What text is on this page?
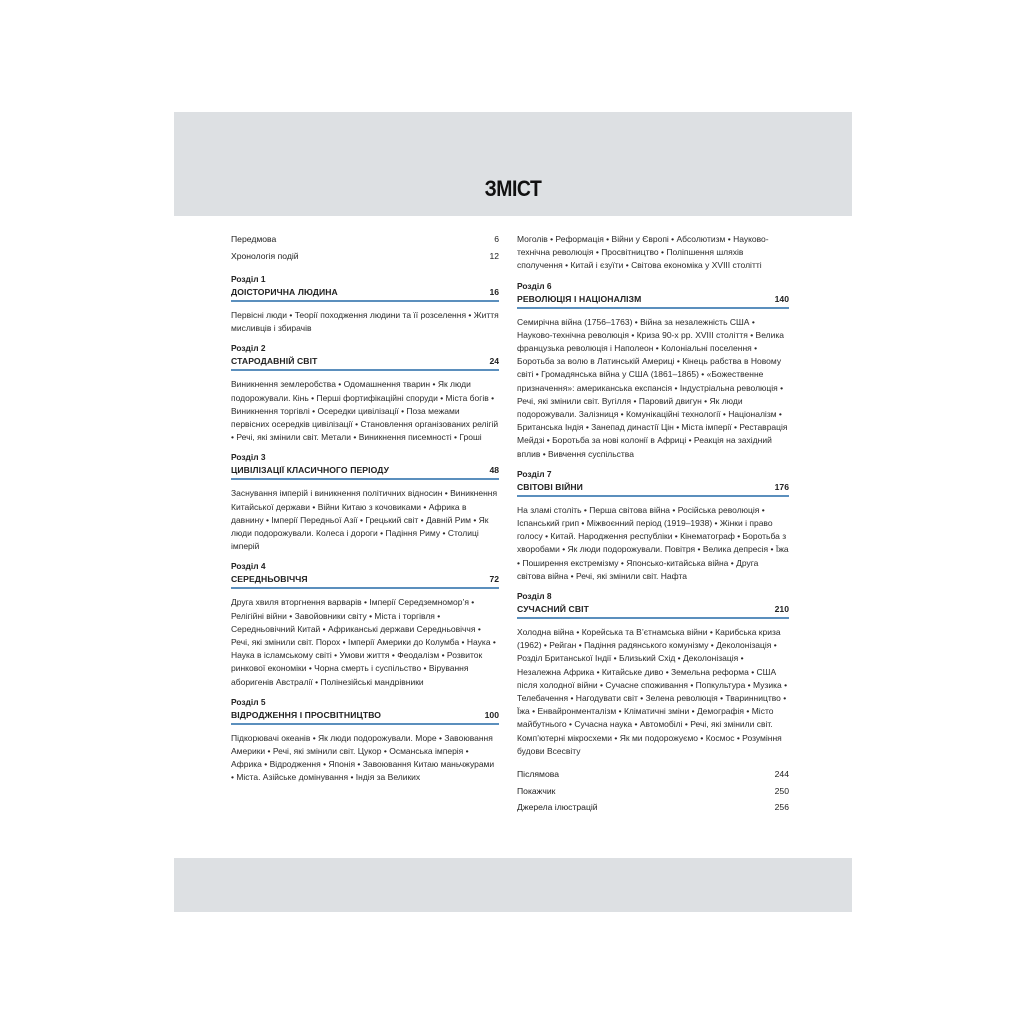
ЗМІСТ
Передмова	6
Хронологія подій	12
Розділ 1
ДОІСТОРИЧНА ЛЮДИНА	16
Первісні люди • Теорії походження людини та її розселення • Життя мисливців і збирачів
Розділ 2
СТАРОДАВНІЙ СВІТ	24
Виникнення землеробства • Одомашнення тварин • Як люди подорожували. Кінь • Перші фортифікаційні споруди • Міста богів • Виникнення торгівлі • Осередки цивілізації • Поза межами первісних осередків цивілізації • Становлення організованих релігій • Речі, які змінили світ. Метали • Виникнення писемності • Гроші
Розділ 3
ЦИВІЛІЗАЦІЇ КЛАСИЧНОГО ПЕРІОДУ	48
Заснування імперій і виникнення політичних відносин • Виникнення Китайської держави • Війни Китаю з кочовиками • Африка в давнину • Імперії Передньої Азії • Грецький світ • Давній Рим • Як люди подорожували. Колеса і дороги • Падіння Риму • Столиці імперій
Розділ 4
СЕРЕДНЬОВІЧЧЯ	72
Друга хвиля вторгнення варварів • Імперії Середземномор’я • Релігійні війни • Завойовники світу • Міста і торгівля • Середньовічний Китай • Африканські держави Середньовіччя • Речі, які змінили світ. Порох • Імперії Америки до Колумба • Наука • Наука в ісламському світі • Умови життя • Феодалізм • Розвиток ринкової економіки • Чорна смерть і суспільство • Вірування аборигенів Австралії • Полінезійські мандрівники
Розділ 5
ВІДРОДЖЕННЯ І ПРОСВІТНИЦТВО	100
Підкорювачі океанів • Як люди подорожували. Море • Завоювання Америки • Речі, які змінили світ. Цукор • Османська імперія • Африка • Відродження • Японія • Завоювання Китаю маньчжурами • Міста. Азійське домінування • Індія за Великих
Моголів • Реформація • Війни у Європі • Абсолютизм • Науково-технічна революція • Просвітництво • Поліпшення шляхів сполучення • Китай і єзуїти • Світова економіка у XVIII столітті
Розділ 6
РЕВОЛЮЦІЯ І НАЦІОНАЛІЗМ	140
Семирічна війна (1756–1763) • Війна за незалежність США • Науково-технічна революція • Криза 90-х рр. XVIII століття • Велика французька революція і Наполеон • Колоніальні поселення • Боротьба за волю в Латинській Америці • Кінець рабства в Новому світі • Громадянська війна у США (1861–1865) • «Божественне призначення»: американська експансія • Індустріальна революція • Речі, які змінили світ. Вугілля • Паровий двигун • Як люди подорожували. Залізниця • Комунікаційні технології • Націоналізм • Британська Індія • Занепад династії Цін • Міста імперії • Реставрація Мейдзі • Боротьба за нові колонії в Африці • Реакція на західний вплив • Вивчення суспільства
Розділ 7
СВІТОВІ ВІЙНИ	176
На зламі століть • Перша світова війна • Російська революція • Іспанський грип • Міжвоєнний період (1919–1938) • Жінки і право голосу • Китай. Народження республіки • Кінематограф • Боротьба з хворобами • Як люди подорожували. Повітря • Велика депресія • Їжа • Поширення екстремізму • Японсько-китайська війна • Друга світова війна • Речі, які змінили світ. Нафта
Розділ 8
СУЧАСНИЙ СВІТ	210
Холодна війна • Корейська та В’єтнамська війни • Карибська криза (1962) • Рейган • Падіння радянського комунізму • Деколонізація • Розділ Британської Індії • Близький Схід • Деколонізація • Незалежна Африка • Китайське диво • Земельна реформа • США після холодної війни • Сучасне споживання • Попкультура • Музика • Телебачення • Нагодувати світ • Зелена революція • Тваринництво • Їжа • Енвайронменталізм • Кліматичні зміни • Демографія • Місто майбутнього • Сучасна наука • Автомобілі • Речі, які змінили світ. Комп’ютерні мікросхеми • Як ми подорожуємо • Космос • Розуміння будови Всесвіту
Післямова	244
Покажчик	250
Джерела ілюстрацій	256
